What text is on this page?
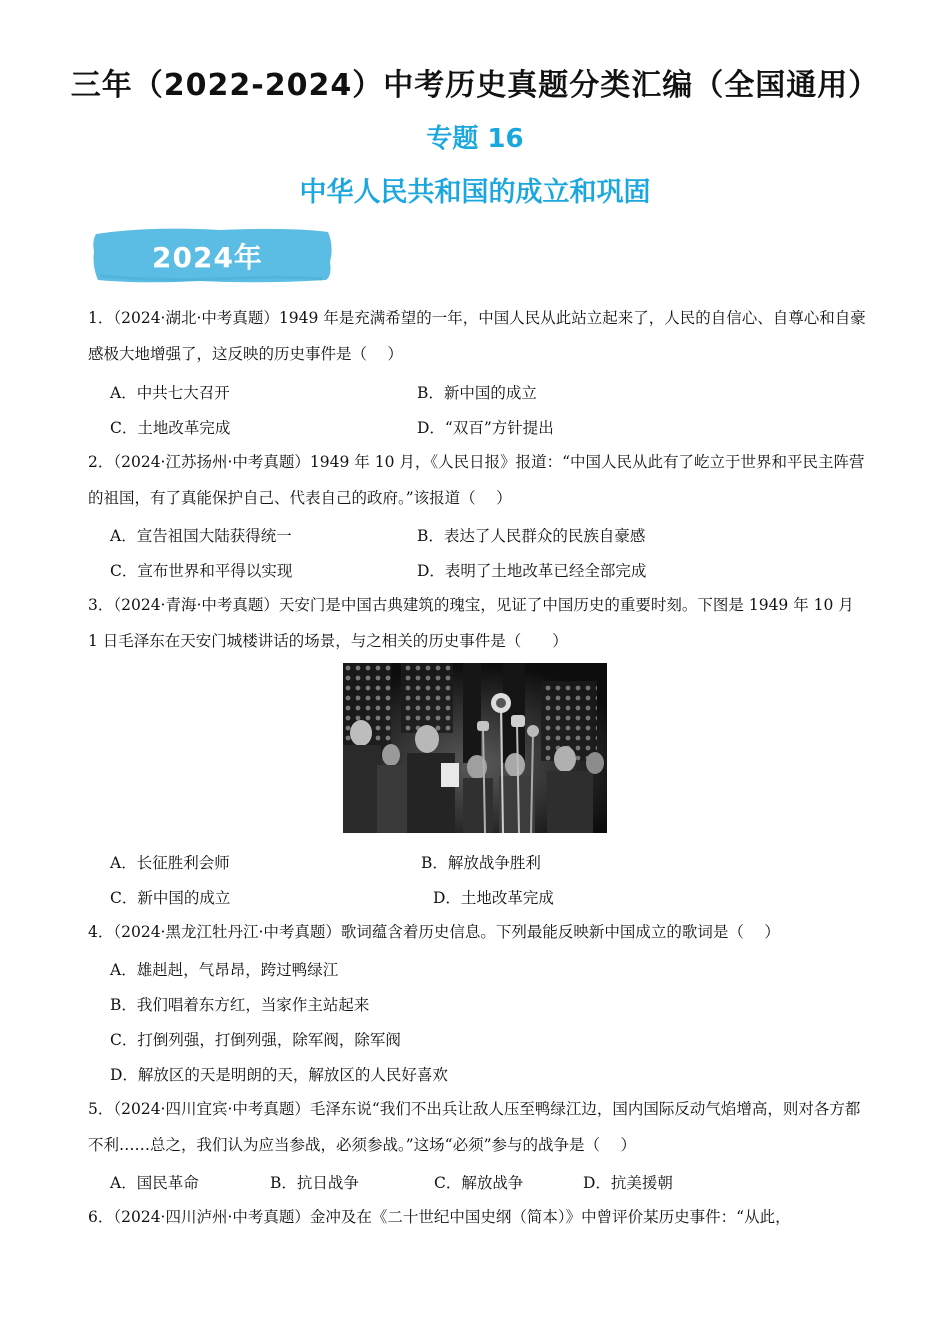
三年（2022-2024）中考历史真题分类汇编（全国通用）
专题 16
中华人民共和国的成立和巩固
2024年
1．（2024·湖北·中考真题）1949 年是充满希望的一年，中国人民从此站立起来了，人民的自信心、自尊心和自豪感极大地增强了，这反映的历史事件是（　 ）
A．中共七大召开	B．新中国的成立
C．土地改革完成	D．“双百”方针提出
2．（2024·江苏扬州·中考真题）1949 年 10 月，《人民日报》报道：“中国人民从此有了屹立于世界和平民主阵营的祖国，有了真能保护自己、代表自己的政府。”该报道（　 ）
A．宣告祖国大陆获得统一	B．表达了人民群众的民族自豪感
C．宣布世界和平得以实现	D．表明了土地改革已经全部完成
3．（2024·青海·中考真题）天安门是中国古典建筑的瑰宝，见证了中国历史的重要时刻。下图是 1949 年 10 月 1 日毛泽东在天安门城楼讲话的场景，与之相关的历史事件是（　　）
A．长征胜利会师	B．解放战争胜利
C．新中国的成立	D．土地改革完成
4．（2024·黑龙江牡丹江·中考真题）歌词蕴含着历史信息。下列最能反映新中国成立的歌词是（　 ）
A．雄赳赳，气昂昂，跨过鸭绿江
B．我们唱着东方红，当家作主站起来
C．打倒列强，打倒列强，除军阀，除军阀
D．解放区的天是明朗的天，解放区的人民好喜欢
5．（2024·四川宜宾·中考真题）毛泽东说“我们不出兵让敌人压至鸭绿江边，国内国际反动气焰增高，则对各方都不利……总之，我们认为应当参战，必须参战。”这场“必须”参与的战争是（　 ）
A．国民革命	B．抗日战争	C．解放战争	D．抗美援朝
6．（2024·四川泸州·中考真题）金冲及在《二十世纪中国史纲（简本）》中曾评价某历史事件：“从此，
